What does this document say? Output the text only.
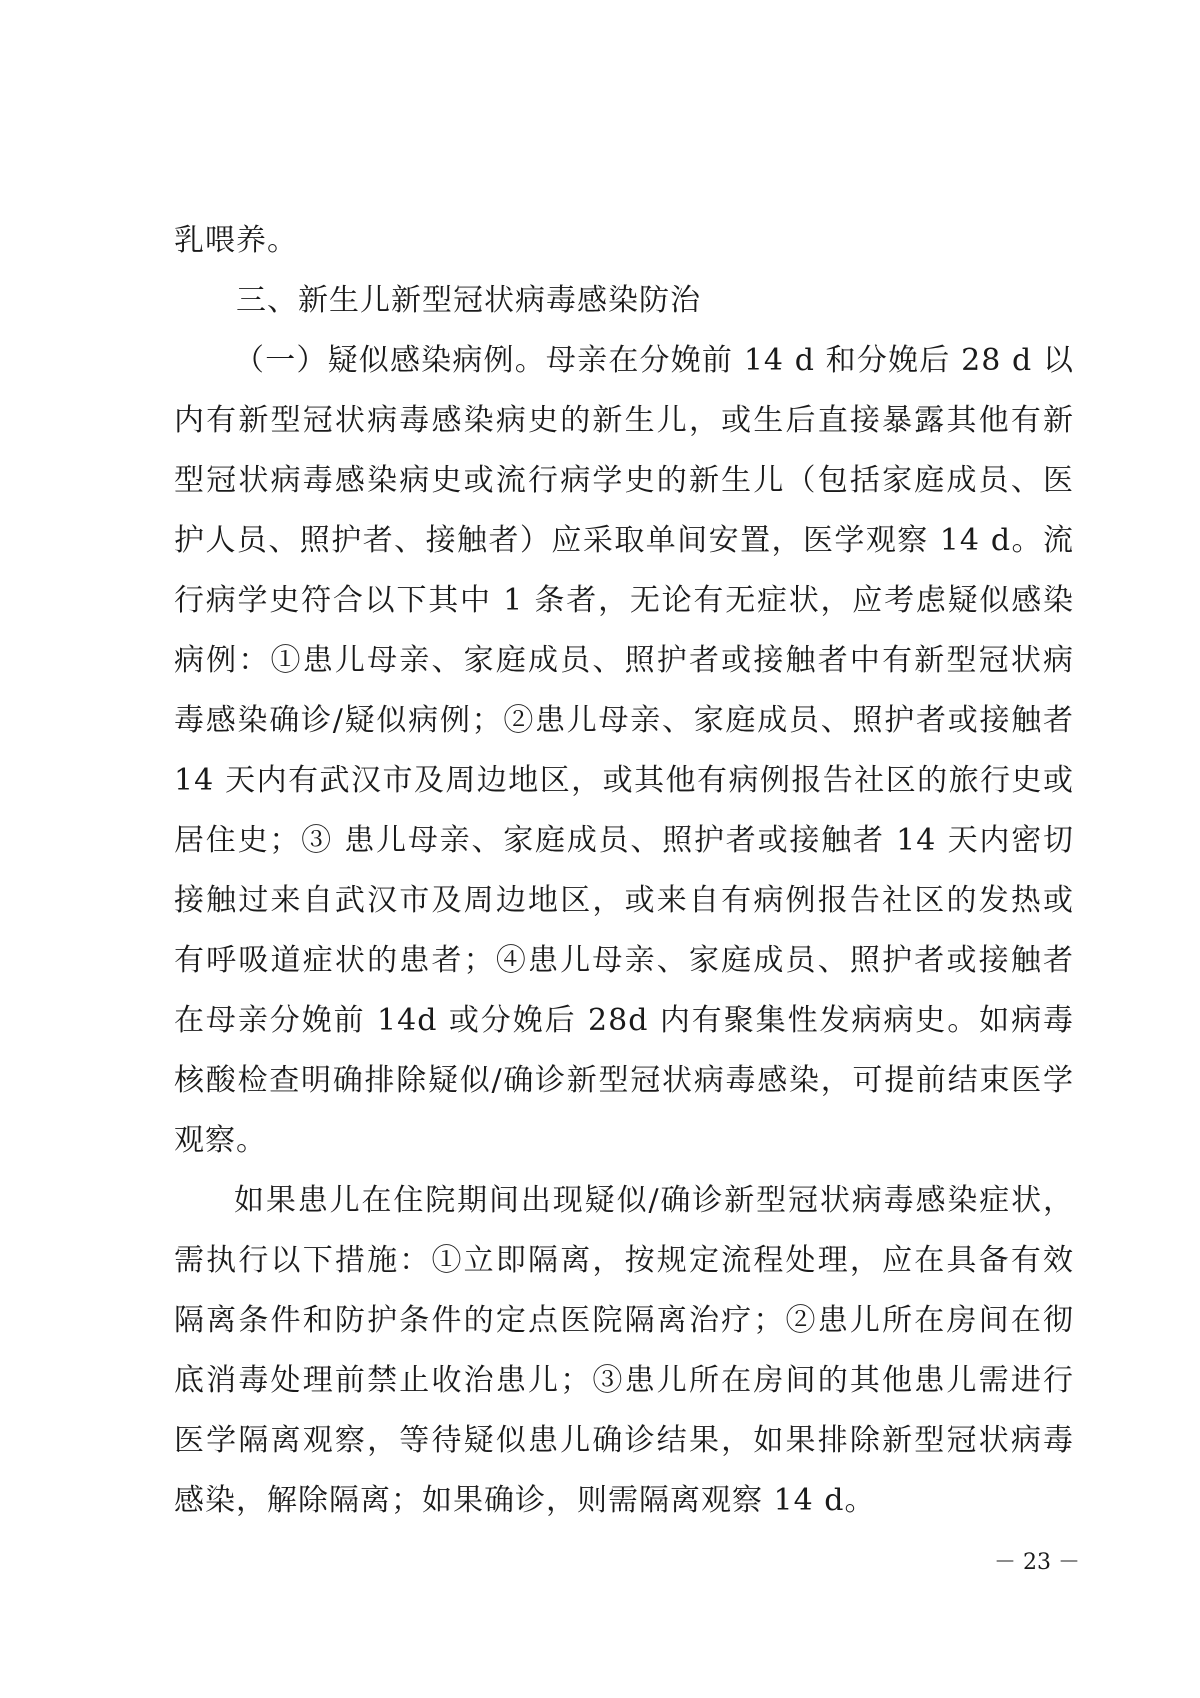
乳喂养。
三、新生儿新型冠状病毒感染防治
（一）疑似感染病例。母亲在分娩前 14 d 和分娩后 28 d 以
内有新型冠状病毒感染病史的新生儿，或生后直接暴露其他有新
型冠状病毒感染病史或流行病学史的新生儿（包括家庭成员、医
护人员、照护者、接触者）应采取单间安置，医学观察 14 d。流
行病学史符合以下其中 1 条者，无论有无症状，应考虑疑似感染
病例：①患儿母亲、家庭成员、照护者或接触者中有新型冠状病
毒感染确诊/疑似病例；②患儿母亲、家庭成员、照护者或接触者
14 天内有武汉市及周边地区，或其他有病例报告社区的旅行史或
居住史；③ 患儿母亲、家庭成员、照护者或接触者 14 天内密切
接触过来自武汉市及周边地区，或来自有病例报告社区的发热或
有呼吸道症状的患者；④患儿母亲、家庭成员、照护者或接触者
在母亲分娩前 14d 或分娩后 28d 内有聚集性发病病史。如病毒
核酸检查明确排除疑似/确诊新型冠状病毒感染，可提前结束医学
观察。
如果患儿在住院期间出现疑似/确诊新型冠状病毒感染症状，
需执行以下措施：①立即隔离，按规定流程处理，应在具备有效
隔离条件和防护条件的定点医院隔离治疗；②患儿所在房间在彻
底消毒处理前禁止收治患儿；③患儿所在房间的其他患儿需进行
医学隔离观察，等待疑似患儿确诊结果，如果排除新型冠状病毒
感染，解除隔离；如果确诊，则需隔离观察 14 d。
－ 23 －
